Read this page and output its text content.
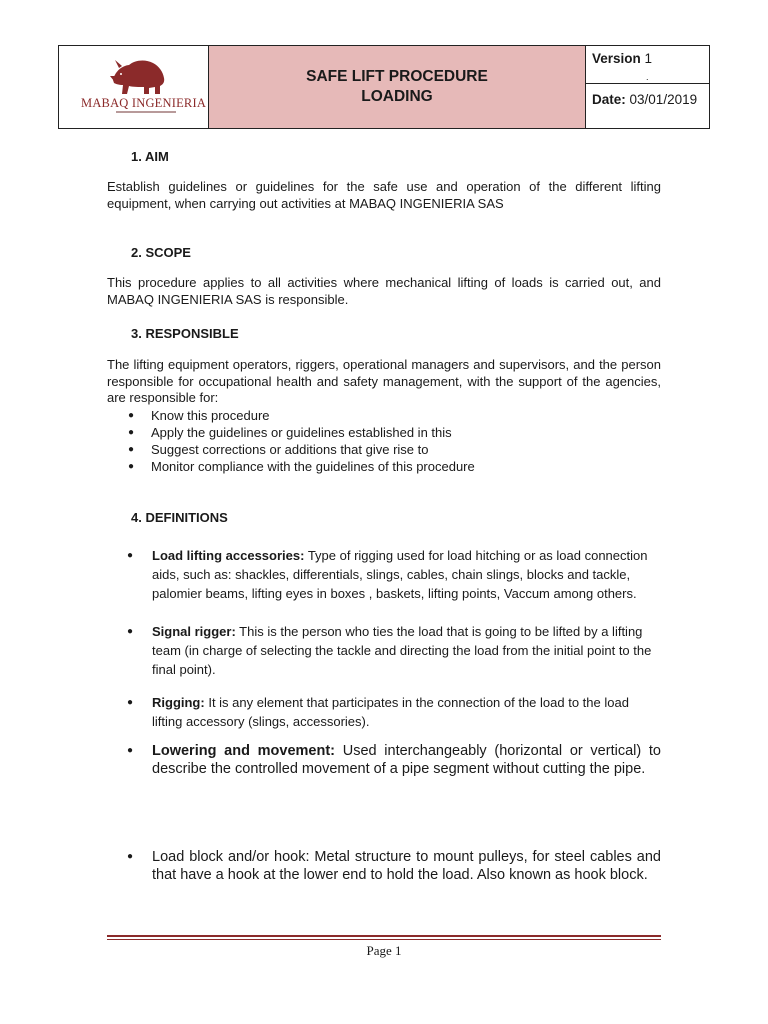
MABAQ INGENIERIA
SAFE LIFT PROCEDURE
LOADING
Version 1
.
Date: 03/01/2019
1. AIM

Establish guidelines or guidelines for the safe use and operation of the different lifting equipment, when carrying out activities at MABAQ INGENIERIA SAS

2. SCOPE

This procedure applies to all activities where mechanical lifting of loads is carried out, and MABAQ INGENIERIA SAS is responsible.

3. RESPONSIBLE

The lifting equipment operators, riggers, operational managers and supervisors, and the person responsible for occupational health and safety management, with the support of the agencies, are responsible for:

● Know this procedure
● Apply the guidelines or guidelines established in this
● Suggest corrections or additions that give rise to
● Monitor compliance with the guidelines of this procedure
4. DEFINITIONS
● Load lifting accessories: Type of rigging used for load hitching or as load connection aids, such as: shackles, differentials, slings, cables, chain slings, blocks and tackle, palomier beams, lifting eyes in boxes , baskets, lifting points, Vaccum among others.
● Signal rigger: This is the person who ties the load that is going to be lifted by a lifting team (in charge of selecting the tackle and directing the load from the initial point to the final point).
● Rigging: It is any element that participates in the connection of the load to the load lifting accessory (slings, accessories).
● Lowering and movement: Used interchangeably (horizontal or vertical) to describe the controlled movement of a pipe segment without cutting the pipe.
● Load block and/or hook: Metal structure to mount pulleys, for steel cables and that have a hook at the lower end to hold the load. Also known as hook block.
Page 1
